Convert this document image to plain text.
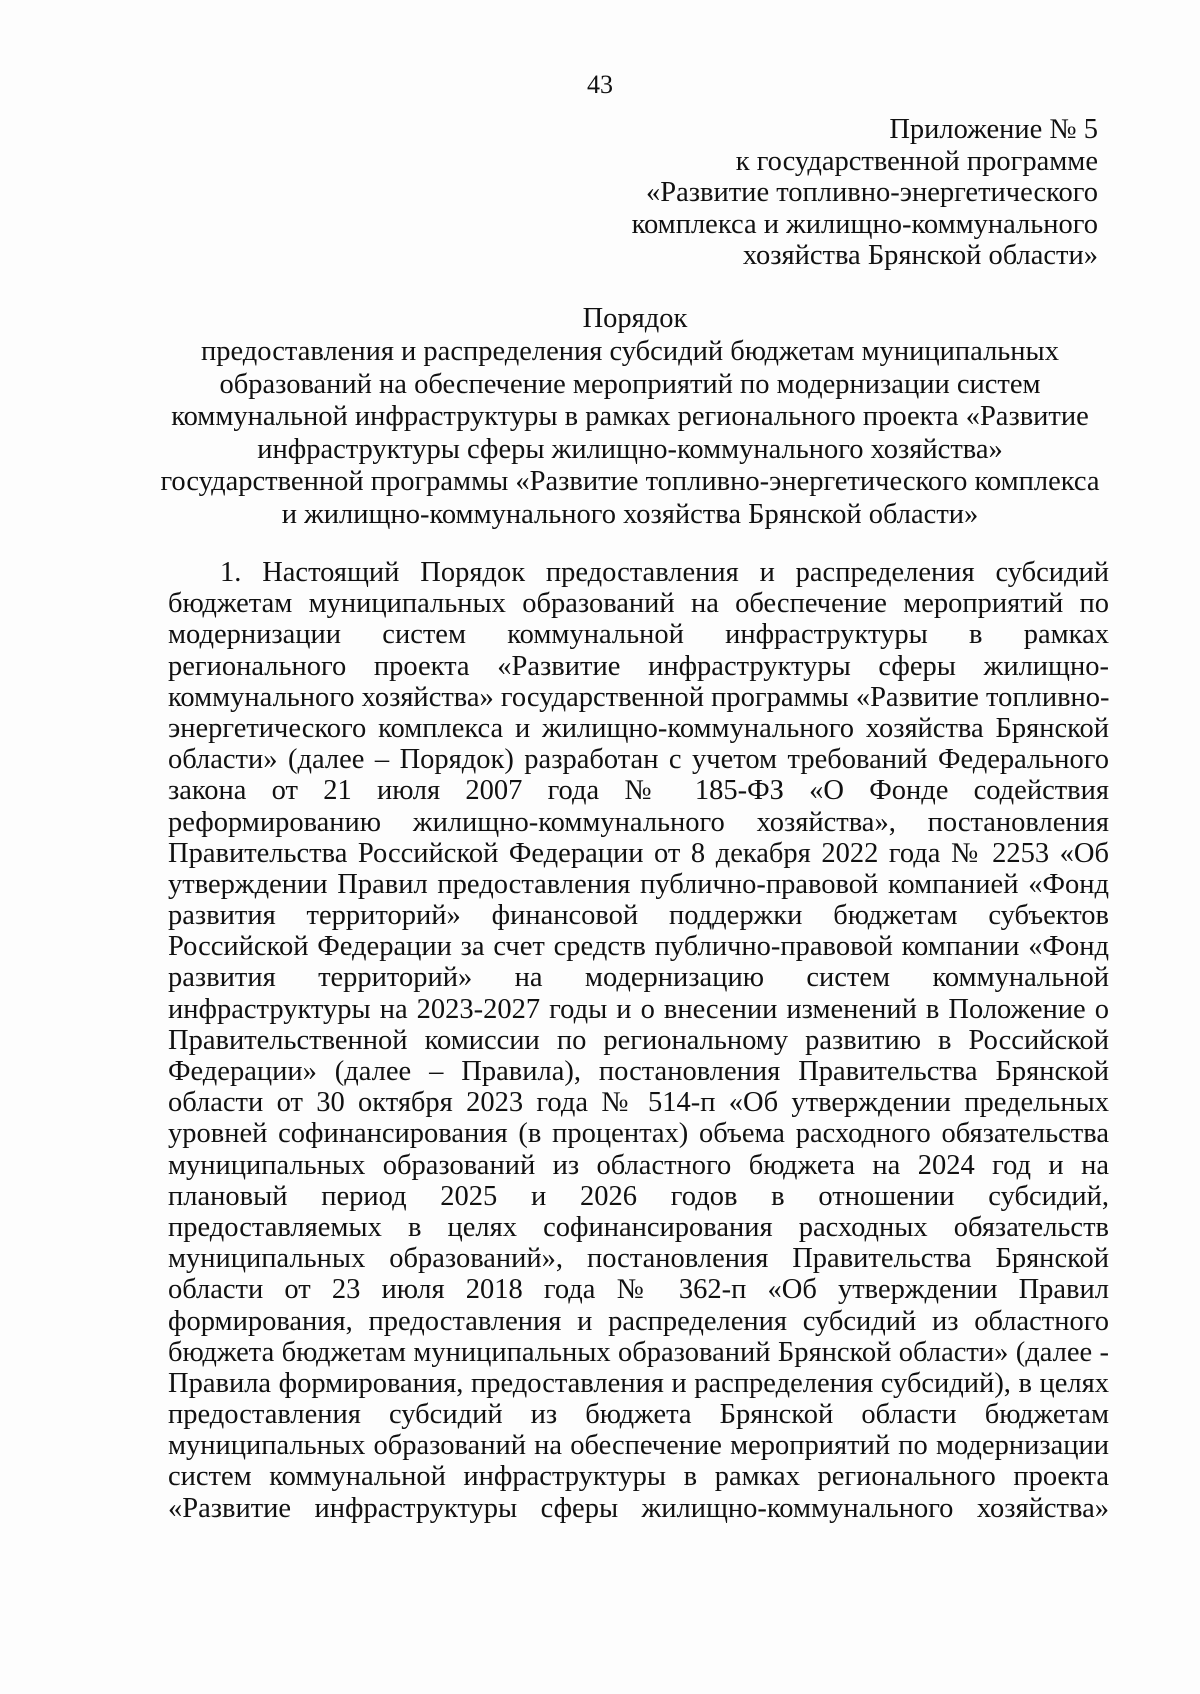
43
Приложение № 5
к государственной программе
«Развитие топливно-энергетического
комплекса и жилищно-коммунального
хозяйства Брянской области»
Порядок
предоставления и распределения субсидий бюджетам муниципальных
образований на обеспечение мероприятий по модернизации систем
коммунальной инфраструктуры в рамках регионального проекта «Развитие
инфраструктуры сферы жилищно-коммунального хозяйства»
государственной программы «Развитие топливно-энергетического комплекса
и жилищно-коммунального хозяйства Брянской области»
1. Настоящий Порядок предоставления и распределения субсидий
бюджетам муниципальных образований на обеспечение мероприятий по
модернизации систем коммунальной инфраструктуры в рамках
регионального проекта «Развитие инфраструктуры сферы жилищно-
коммунального хозяйства» государственной программы «Развитие топливно-
энергетического комплекса и жилищно-коммунального хозяйства Брянской
области» (далее – Порядок) разработан с учетом требований Федерального
закона от 21 июля 2007 года № 185-ФЗ «О Фонде содействия
реформированию жилищно-коммунального хозяйства», постановления
Правительства Российской Федерации от 8 декабря 2022 года № 2253 «Об
утверждении Правил предоставления публично-правовой компанией «Фонд
развития территорий» финансовой поддержки бюджетам субъектов
Российской Федерации за счет средств публично-правовой компании «Фонд
развития территорий» на модернизацию систем коммунальной
инфраструктуры на 2023-2027 годы и о внесении изменений в Положение о
Правительственной комиссии по региональному развитию в Российской
Федерации» (далее – Правила), постановления Правительства Брянской
области от 30 октября 2023 года № 514-п «Об утверждении предельных
уровней софинансирования (в процентах) объема расходного обязательства
муниципальных образований из областного бюджета на 2024 год и на
плановый период 2025 и 2026 годов в отношении субсидий,
предоставляемых в целях софинансирования расходных обязательств
муниципальных образований», постановления Правительства Брянской
области от 23 июля 2018 года № 362-п «Об утверждении Правил
формирования, предоставления и распределения субсидий из областного
бюджета бюджетам муниципальных образований Брянской области» (далее -
Правила формирования, предоставления и распределения субсидий), в целях
предоставления субсидий из бюджета Брянской области бюджетам
муниципальных образований на обеспечение мероприятий по модернизации
систем коммунальной инфраструктуры в рамках регионального проекта
«Развитие инфраструктуры сферы жилищно-коммунального хозяйства»
